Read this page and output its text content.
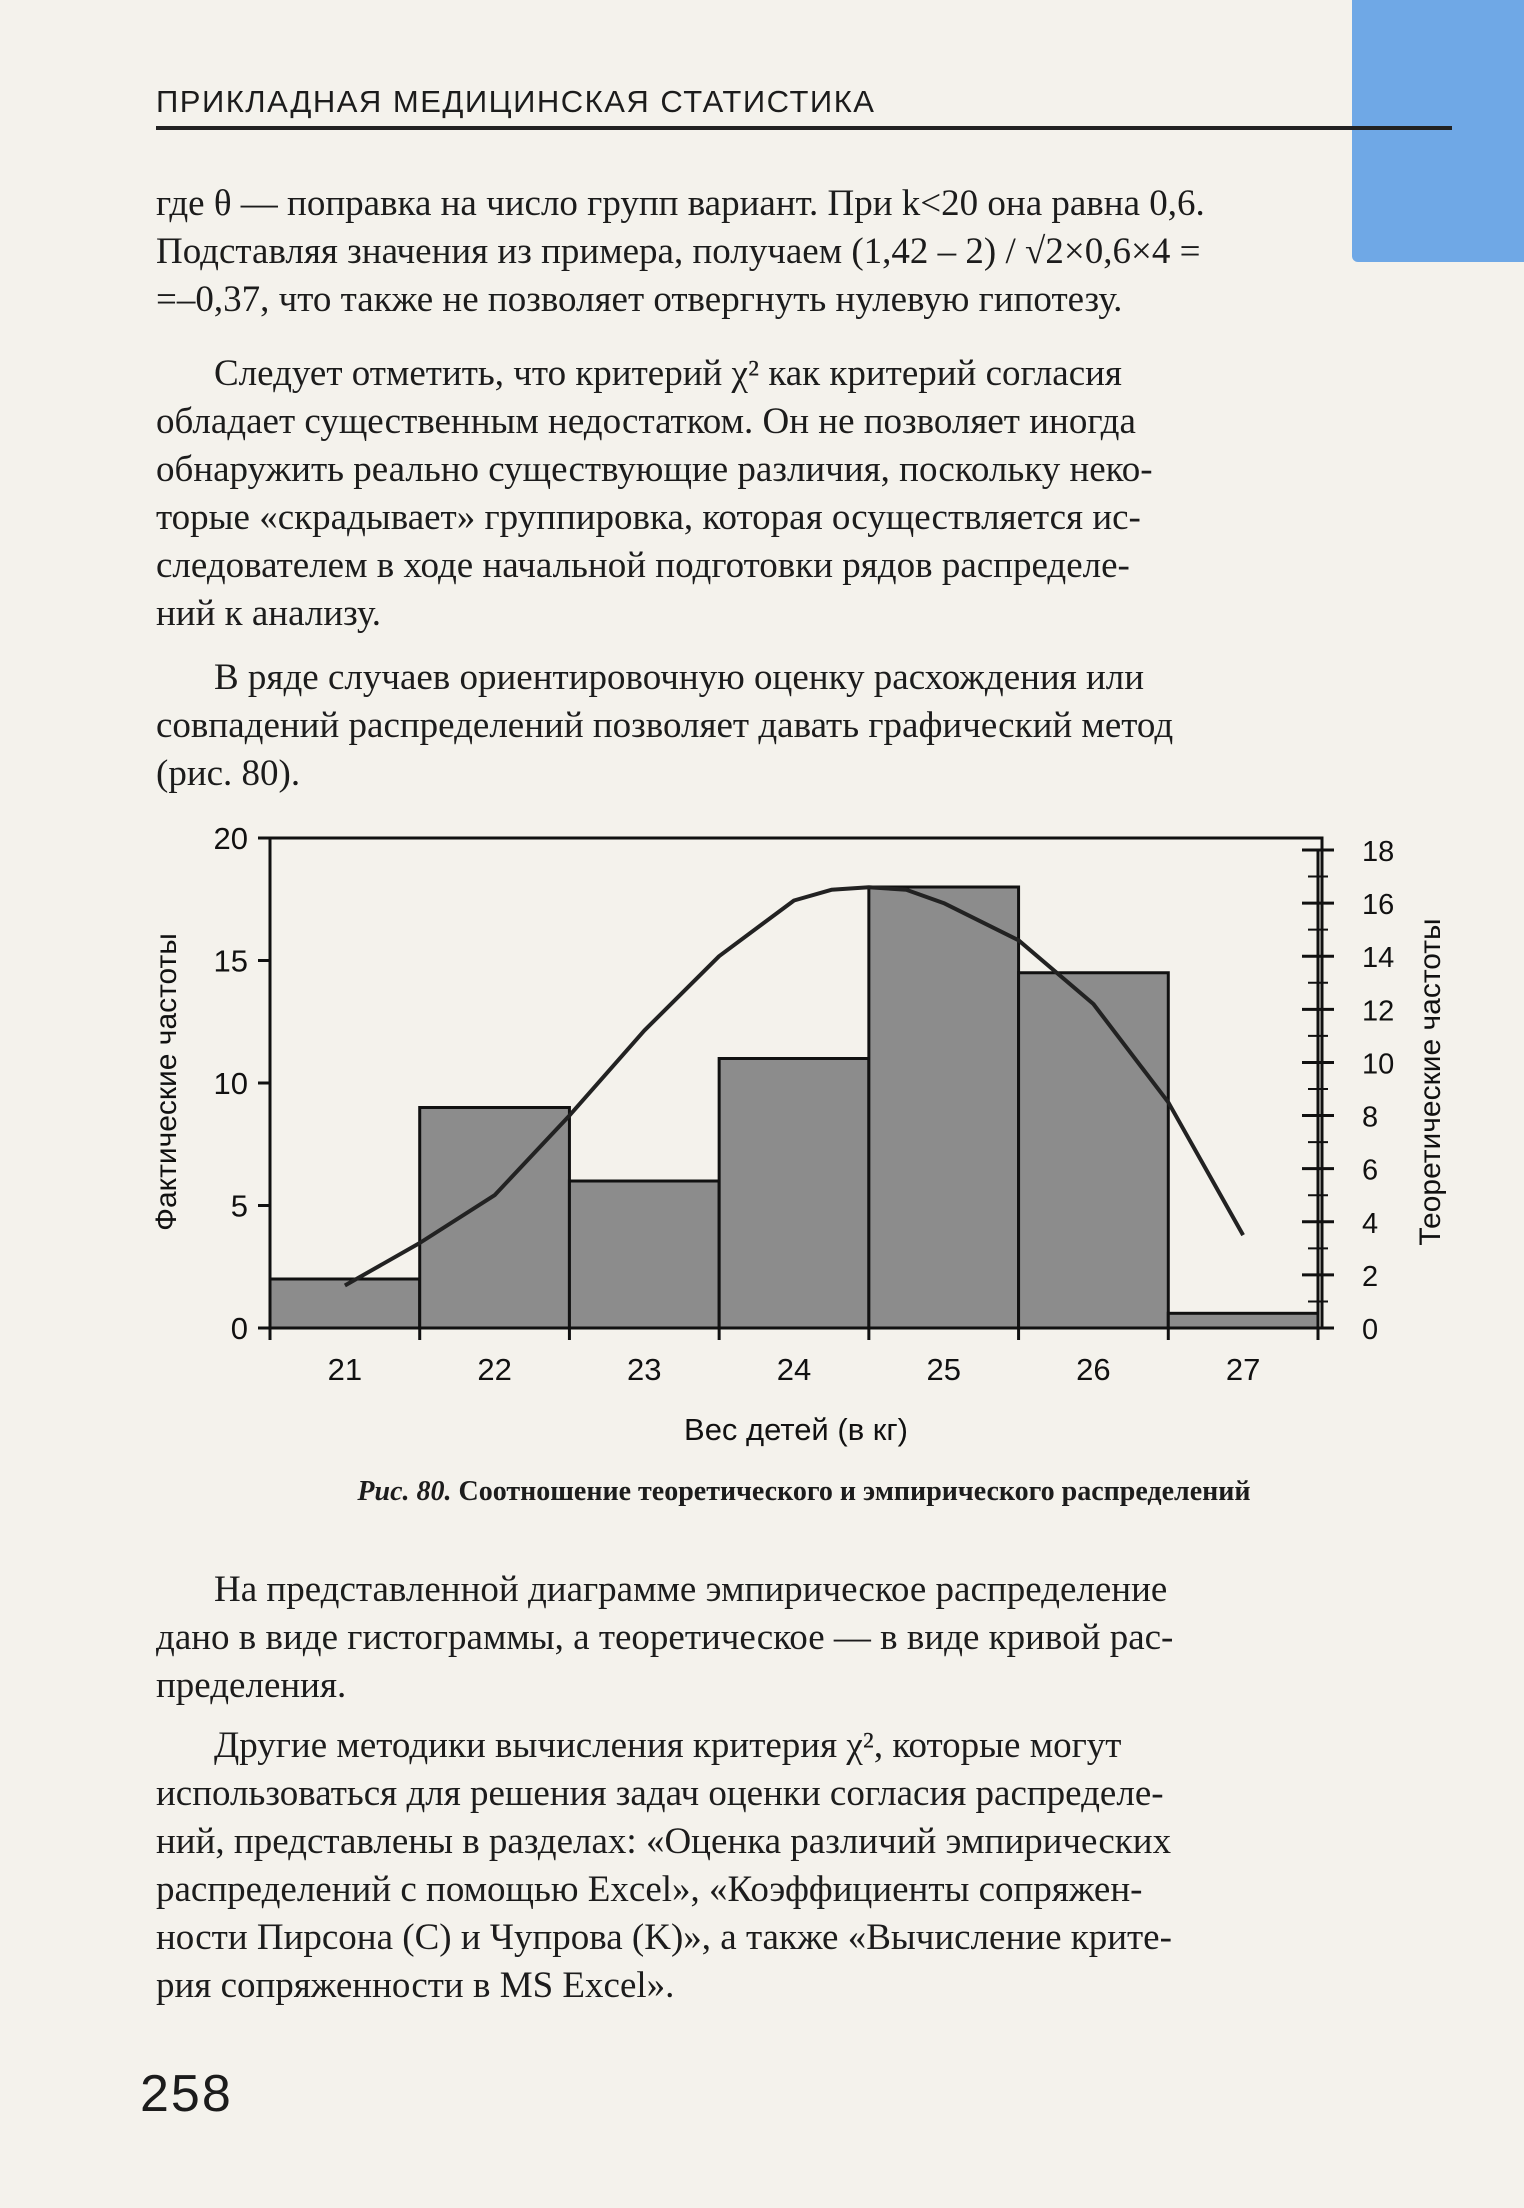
ПРИКЛАДНАЯ МЕДИЦИНСКАЯ СТАТИСТИКА
где θ — поправка на число групп вариант. При k<20 она равна 0,6.
Подставляя значения из примера, получаем (1,42 – 2) / √2×0,6×4 =
=–0,37, что также не позволяет отвергнуть нулевую гипотезу.
Следует отметить, что критерий χ² как критерий согласия
обладает существенным недостатком. Он не позволяет иногда
обнаружить реально существующие различия, поскольку неко-
торые «скрадывает» группировка, которая осуществляется ис-
следователем в ходе начальной подготовки рядов распределе-
ний к анализу.
В ряде случаев ориентировочную оценку расхождения или
совпадений распределений позволяет давать графический метод
(рис. 80).
0
5
10
15
20
0
2
4
6
8
10
12
14
16
18
21	22	23	24	25	26	27
Вес детей (в кг)
Фактические частоты	Теоретические частоты
Рис. 80. Соотношение теоретического и эмпирического распределений
На представленной диаграмме эмпирическое распределение
дано в виде гистограммы, а теоретическое — в виде кривой рас-
пределения.
Другие методики вычисления критерия χ², которые могут
использоваться для решения задач оценки согласия распределе-
ний, представлены в разделах: «Оценка различий эмпирических
распределений с помощью Excel», «Коэффициенты сопряжен-
ности Пирсона (C) и Чупрова (K)», а также «Вычисление крите-
рия сопряженности в MS Excel».
258
